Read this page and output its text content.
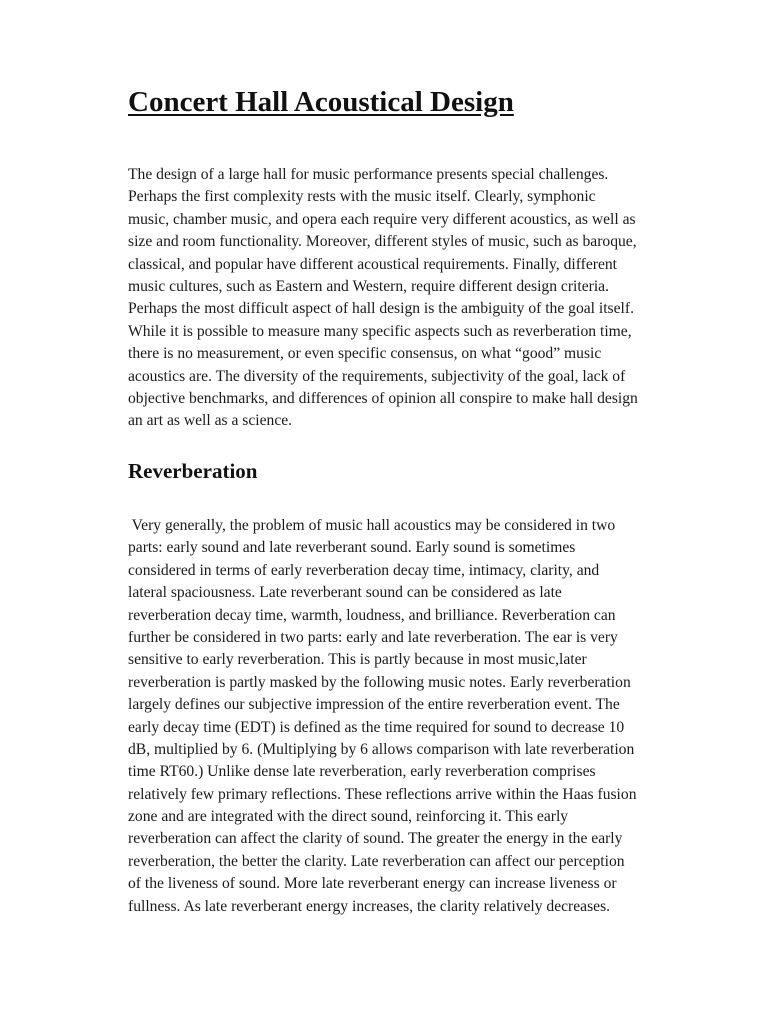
Concert Hall Acoustical Design
The design of a large hall for music performance presents special challenges.
Perhaps the first complexity rests with the music itself. Clearly, symphonic
music, chamber music, and opera each require very different acoustics, as well as
size and room functionality. Moreover, different styles of music, such as baroque,
classical, and popular have different acoustical requirements. Finally, different
music cultures, such as Eastern and Western, require different design criteria.
Perhaps the most difficult aspect of hall design is the ambiguity of the goal itself.
While it is possible to measure many specific aspects such as reverberation time,
there is no measurement, or even specific consensus, on what “good” music
acoustics are. The diversity of the requirements, subjectivity of the goal, lack of
objective benchmarks, and differences of opinion all conspire to make hall design
an art as well as a science.
Reverberation
Very generally, the problem of music hall acoustics may be considered in two
parts: early sound and late reverberant sound. Early sound is sometimes
considered in terms of early reverberation decay time, intimacy, clarity, and
lateral spaciousness. Late reverberant sound can be considered as late
reverberation decay time, warmth, loudness, and brilliance. Reverberation can
further be considered in two parts: early and late reverberation. The ear is very
sensitive to early reverberation. This is partly because in most music,later
reverberation is partly masked by the following music notes. Early reverberation
largely defines our subjective impression of the entire reverberation event. The
early decay time (EDT) is defined as the time required for sound to decrease 10
dB, multiplied by 6. (Multiplying by 6 allows comparison with late reverberation
time RT60.) Unlike dense late reverberation, early reverberation comprises
relatively few primary reflections. These reflections arrive within the Haas fusion
zone and are integrated with the direct sound, reinforcing it. This early
reverberation can affect the clarity of sound. The greater the energy in the early
reverberation, the better the clarity. Late reverberation can affect our perception
of the liveness of sound. More late reverberant energy can increase liveness or
fullness. As late reverberant energy increases, the clarity relatively decreases.
